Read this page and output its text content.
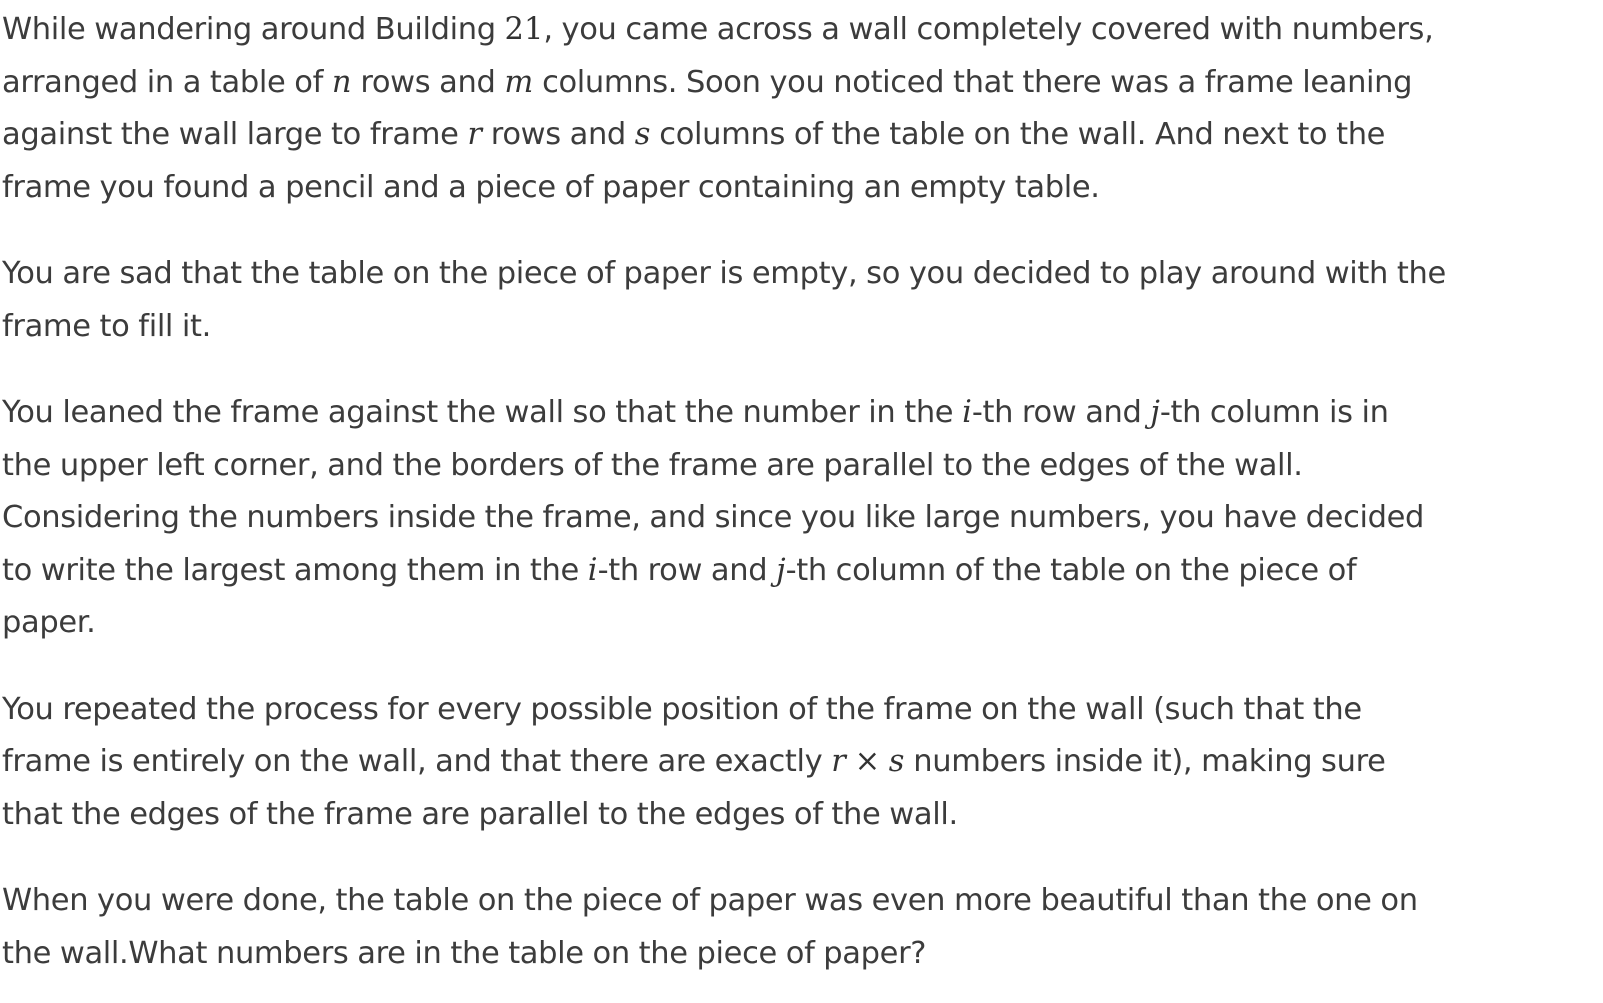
While wandering around Building 21, you came across a wall completely covered with numbers,
arranged in a table of n rows and m columns. Soon you noticed that there was a frame leaning
against the wall large to frame r rows and s columns of the table on the wall. And next to the
frame you found a pencil and a piece of paper containing an empty table.

You are sad that the table on the piece of paper is empty, so you decided to play around with the
frame to fill it.

You leaned the frame against the wall so that the number in the i-th row and j-th column is in
the upper left corner, and the borders of the frame are parallel to the edges of the wall.
Considering the numbers inside the frame, and since you like large numbers, you have decided
to write the largest among them in the i-th row and j-th column of the table on the piece of
paper.

You repeated the process for every possible position of the frame on the wall (such that the
frame is entirely on the wall, and that there are exactly r × s numbers inside it), making sure
that the edges of the frame are parallel to the edges of the wall.

When you were done, the table on the piece of paper was even more beautiful than the one on
the wall.What numbers are in the table on the piece of paper?
